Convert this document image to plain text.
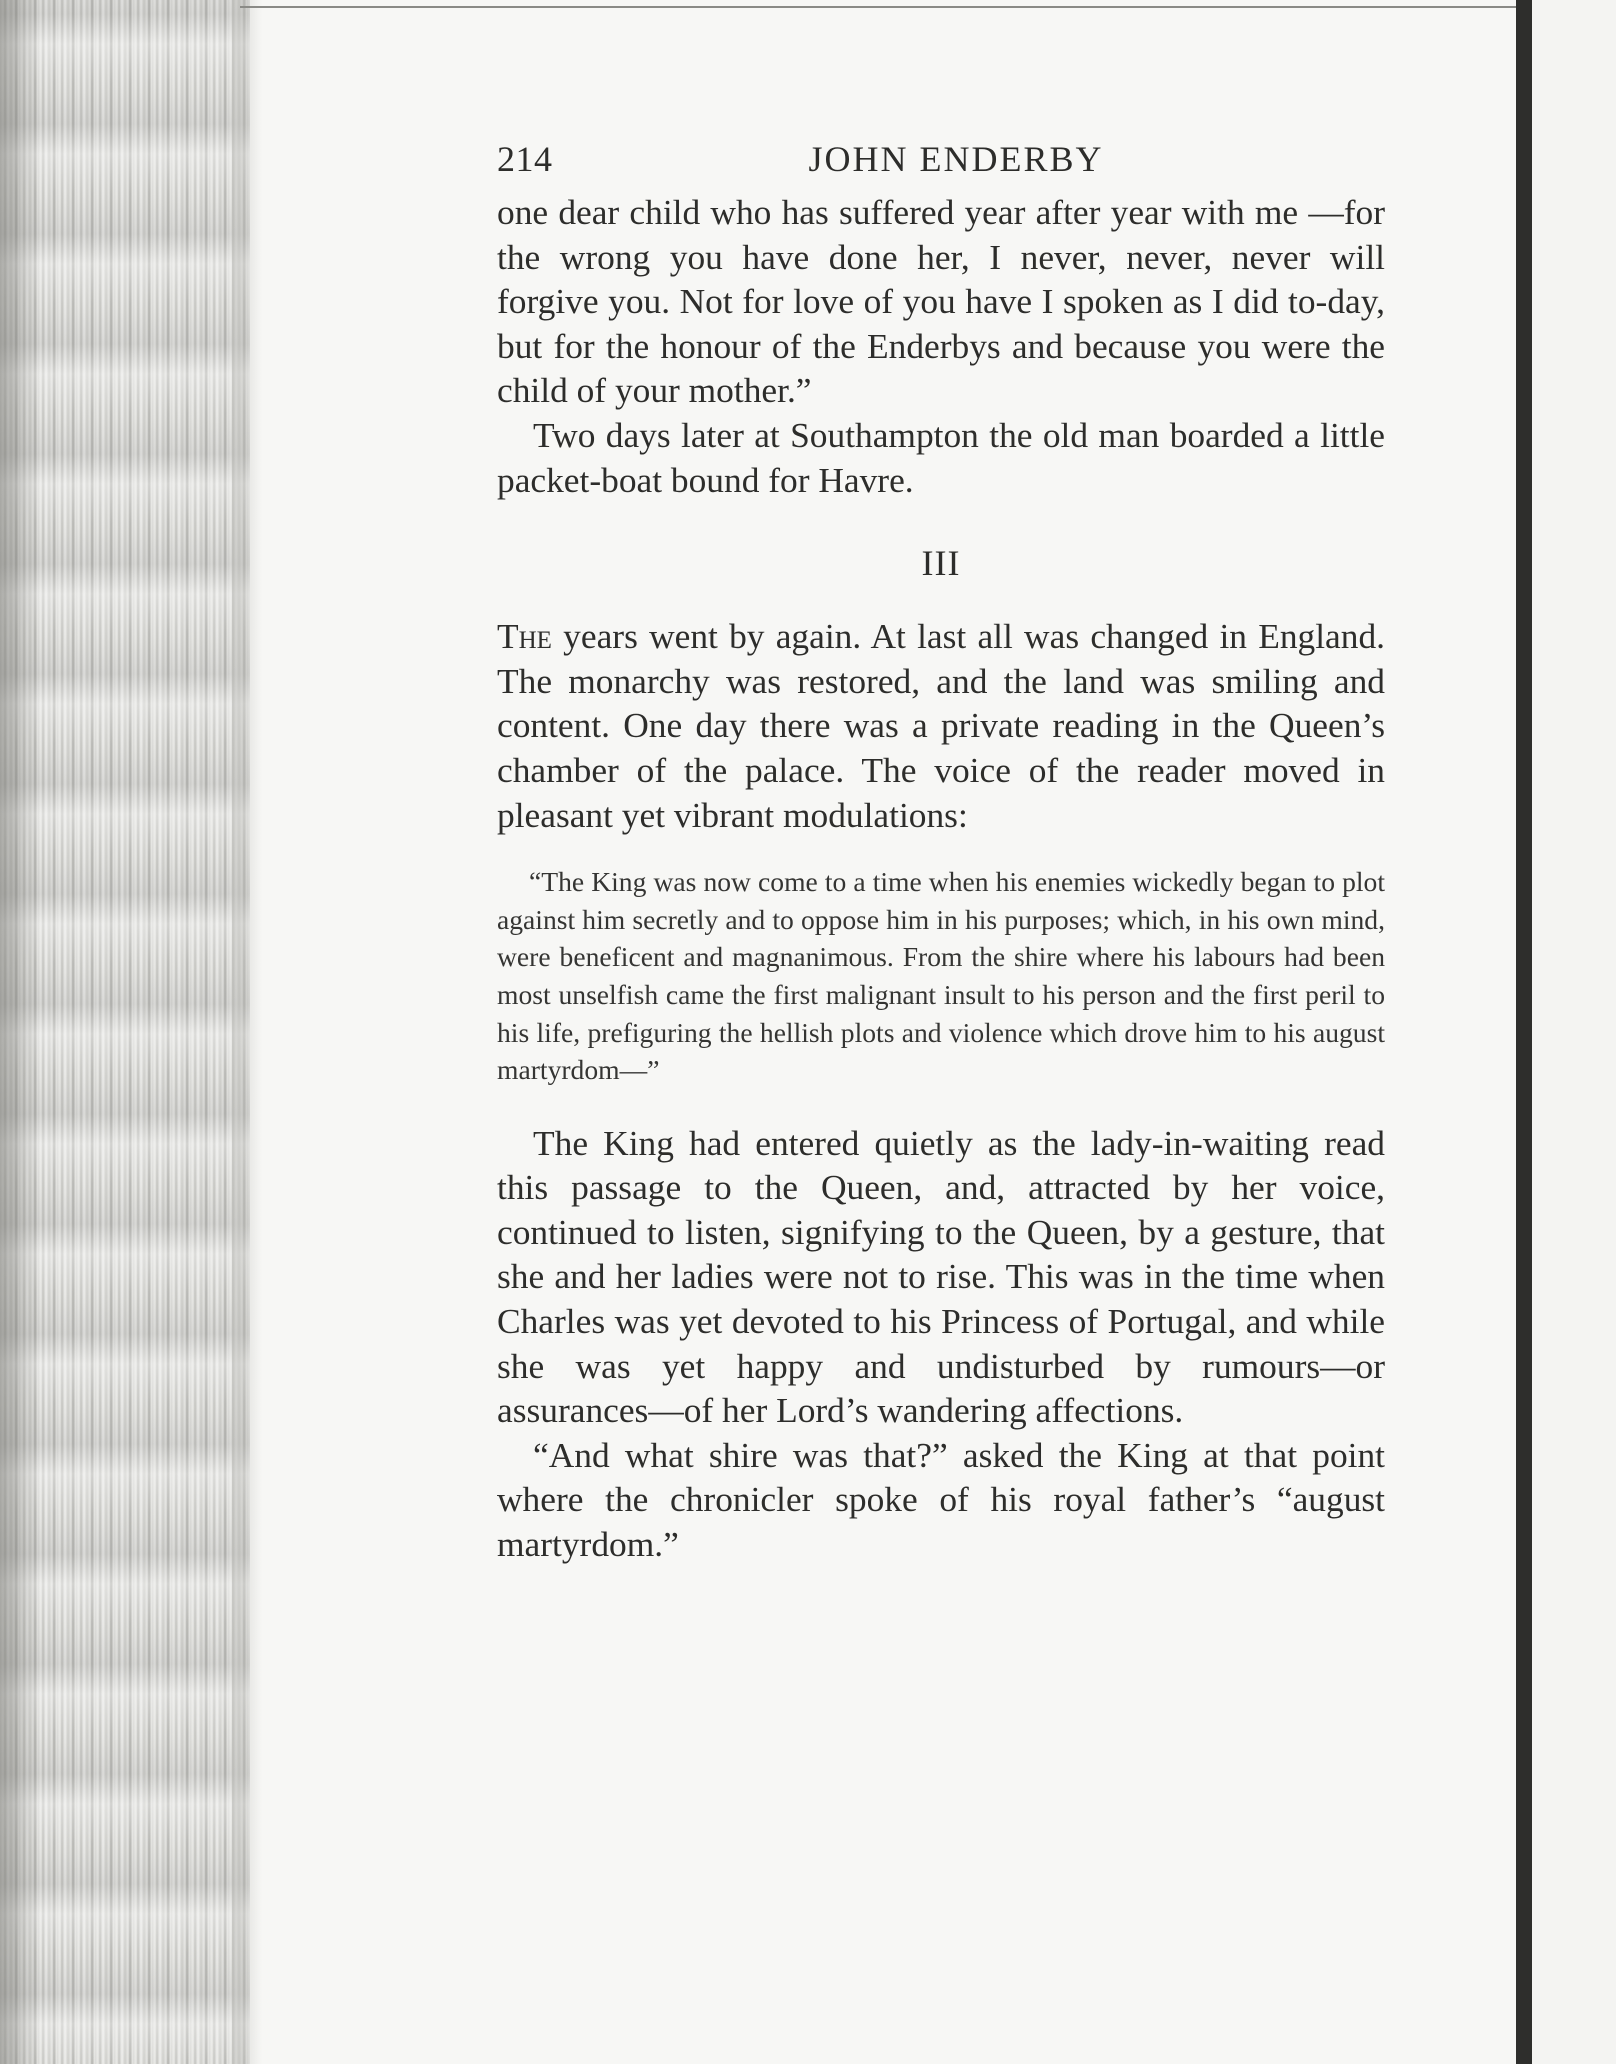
214	JOHN ENDERBY

one dear child who has suffered year after year with me —for the wrong you have done her, I never, never, never will forgive you. Not for love of you have I spoken as I did to-day, but for the honour of the Enderbys and because you were the child of your mother.”

Two days later at Southampton the old man boarded a little packet-boat bound for Havre.

III

The years went by again. At last all was changed in England. The monarchy was restored, and the land was smiling and content. One day there was a private reading in the Queen’s chamber of the palace. The voice of the reader moved in pleasant yet vibrant modulations:

“The King was now come to a time when his enemies wickedly began to plot against him secretly and to oppose him in his purposes; which, in his own mind, were beneficent and magnanimous. From the shire where his labours had been most unselfish came the first malignant insult to his person and the first peril to his life, prefiguring the hellish plots and violence which drove him to his august martyrdom—”

The King had entered quietly as the lady-in-waiting read this passage to the Queen, and, attracted by her voice, continued to listen, signifying to the Queen, by a gesture, that she and her ladies were not to rise. This was in the time when Charles was yet devoted to his Princess of Portugal, and while she was yet happy and undisturbed by rumours—or assurances—of her Lord’s wandering affections.

“And what shire was that?” asked the King at that point where the chronicler spoke of his royal father’s “august martyrdom.”
